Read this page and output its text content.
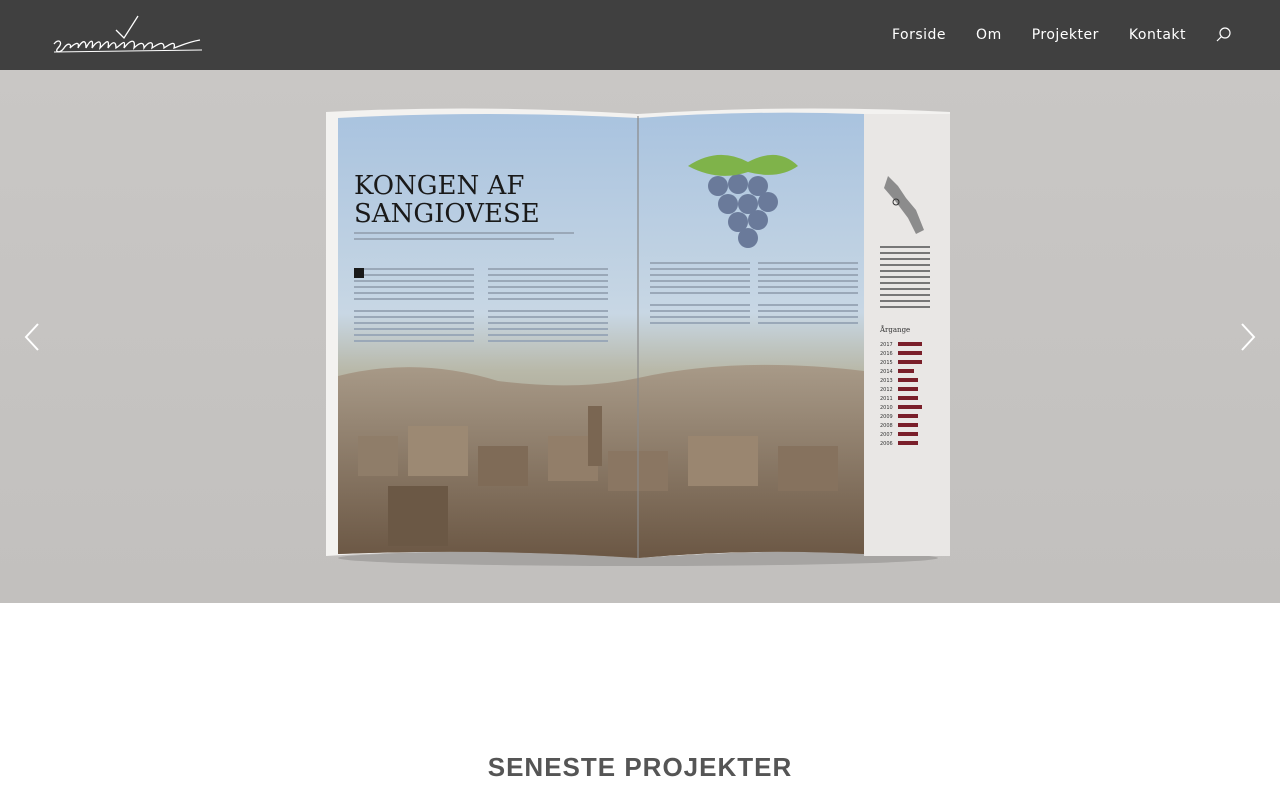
Forside Om Projekter Kontakt
KONGEN AF
SANGIOVESE
Årgange
2017
2016
2015
2014
2013
2012
2011
2010
2009
2008
2007
2006
SENESTE PROJEKTER
